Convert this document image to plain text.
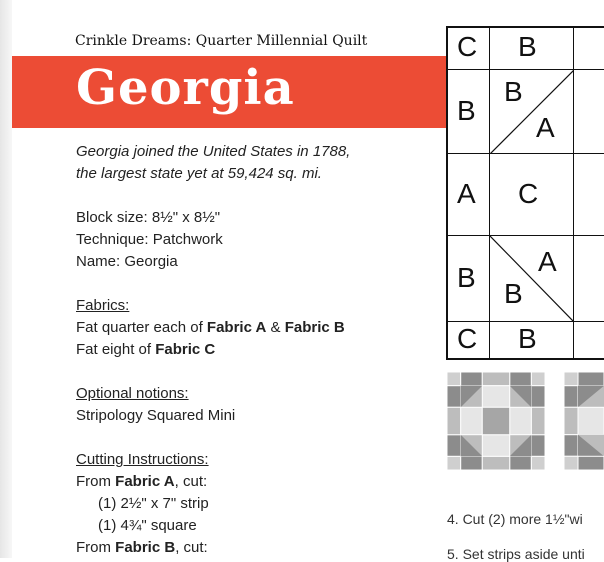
Crinkle Dreams: Quarter Millennial Quilt
Georgia
Georgia joined the United States in 1788,
the largest state yet at 59,424 sq. mi.
Block size: 8½" x 8½"
Technique: Patchwork
Name: Georgia
Fabrics:
Fat quarter each of Fabric A & Fabric B
Fat eight of Fabric C
Optional notions:
Stripology Squared Mini
Cutting Instructions:
From Fabric A, cut:
(1) 2½" x 7" strip
(1) 4¾" square
From Fabric B, cut:
C B
B
B
A
A C
B
A
B
C B
4. Cut (2) more 1½"wi
5. Set strips aside unti
